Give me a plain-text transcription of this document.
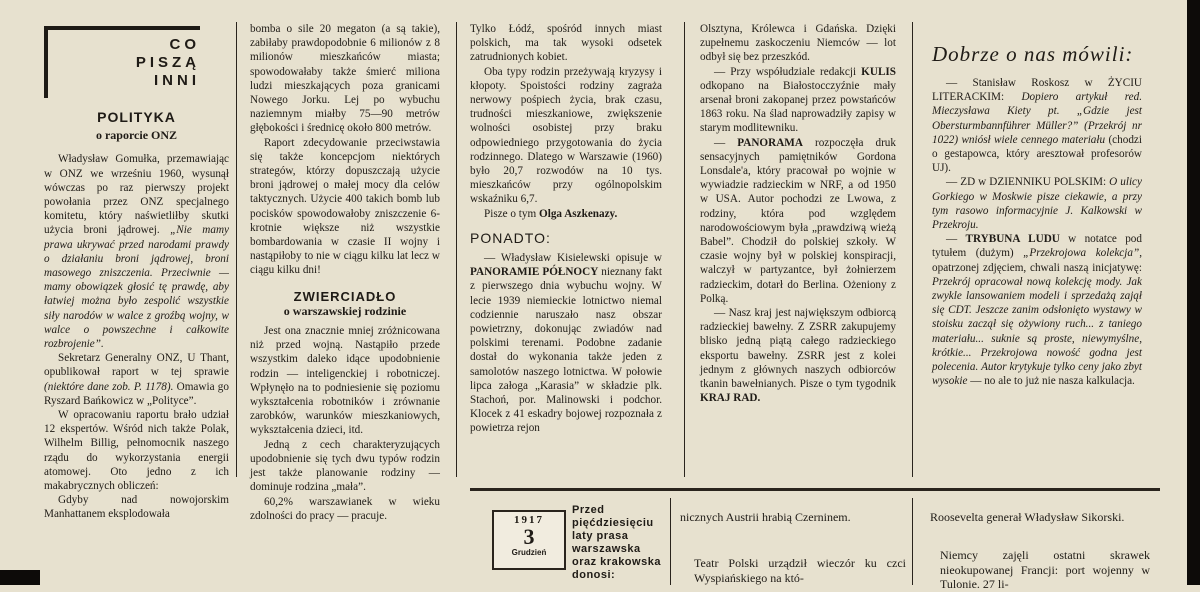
CO
PISZĄ
INNI
POLITYKA
o raporcie ONZ

Władysław Gomułka, przemawiając w ONZ we wrześniu 1960, wysunął wówczas po raz pierwszy projekt powołania przez ONZ specjalnego komitetu, który naświetliłby skutki użycia broni jądrowej. „Nie mamy prawa ukrywać przed narodami prawdy o działaniu broni jądrowej, broni masowego zniszczenia. Przeciwnie — mamy obowiązek głosić tę prawdę, aby łatwiej można było zespolić wszystkie siły narodów w walce z groźbą wojny, w walce o powszechne i całkowite rozbrojenie”.

Sekretarz Generalny ONZ, U Thant, opublikował raport w tej sprawie (niektóre dane zob. P. 1178). Omawia go Ryszard Bańkowicz w „Polityce”.

W opracowaniu raportu brało udział 12 ekspertów. Wśród nich także Polak, Wilhelm Billig, pełnomocnik naszego rządu do wykorzystania energii atomowej. Oto jedno z ich makabrycznych obliczeń:

Gdyby nad nowojorskim Manhattanem eksplodowała

bomba o sile 20 megaton (a są takie), zabiłaby prawdopodobnie 6 milionów z 8 milionów mieszkańców miasta; spowodowałaby także śmierć miliona ludzi mieszkających poza granicami Nowego Jorku. Lej po wybuchu naziemnym miałby 75—90 metrów głębokości i średnicę około 800 metrów.

Raport zdecydowanie przeciwstawia się także koncepcjom niektórych strategów, którzy dopuszczają użycie broni jądrowej o małej mocy dla celów taktycznych. Użycie 400 takich bomb lub pocisków spowodowałoby zniszczenie 6-krotnie większe niż wszystkie bombardowania w czasie II wojny i nastąpiłoby to nie w ciągu kilku lat lecz w ciągu kilku dni!

ZWIERCIADŁO
o warszawskiej rodzinie

Jest ona znacznie mniej zróżnicowana niż przed wojną. Nastąpiło przede wszystkim daleko idące upodobnienie rodzin — inteligenckiej i robotniczej. Wpłynęło na to podniesienie się poziomu wykształcenia robotników i zrównanie zarobków, warunków mieszkaniowych, wykształcenia dzieci, itd.

Jedną z cech charakteryzujących upodobnienie się tych dwu typów rodzin jest także planowanie rodziny — dominuje rodzina „mała”.

60,2% warszawianek w wieku zdolności do pracy — pracuje.

Tylko Łódź, spośród innych miast polskich, ma tak wysoki odsetek zatrudnionych kobiet.

Oba typy rodzin przeżywają kryzysy i kłopoty. Spoistości rodziny zagraża nerwowy pośpiech życia, brak czasu, trudności mieszkaniowe, zwiększenie wolności osobistej przy braku odpowiedniego przygotowania do życia rodzinnego. Dlatego w Warszawie (1960) było 20,7 rozwodów na 10 tys. mieszkańców przy ogólnopolskim wskaźniku 6,7.

Pisze o tym Olga Aszkenazy.

PONADTO:

— Władysław Kisielewski opisuje w PANORAMIE PÓŁNOCY nieznany fakt z pierwszego dnia wybuchu wojny. W lecie 1939 niemieckie lotnictwo niemal codziennie naruszało nasz obszar powietrzny, dokonując zwiadów nad polskimi terenami. Podobne zadanie dostał do wykonania także jeden z samolotów naszego lotnictwa. W połowie lipca załoga „Karasia” w składzie plk. Stachoń, por. Malinowski i podchor. Klocek z 41 eskadry bojowej rozpoznała z powietrza rejon

Olsztyna, Królewca i Gdańska. Dzięki zupełnemu zaskoczeniu Niemców — lot odbył się bez przeszkód.

— Przy współudziale redakcji KULIS odkopano na Białostocczyźnie mały arsenał broni zakopanej przez powstańców 1863 roku. Na ślad naprowadziły zapisy w starym modlitewniku.

— PANORAMA rozpoczęła druk sensacyjnych pamiętników Gordona Lonsdale'a, który pracował po wojnie w wywiadzie radzieckim w NRF, a od 1950 w USA. Autor pochodzi ze Lwowa, z rodziny, która pod względem narodowościowym była „prawdziwą wieżą Babel”. Chodził do polskiej szkoły. W czasie wojny był w polskiej konspiracji, walczył w partyzantce, był żołnierzem radzieckim, dotarł do Berlina. Ożeniony z Polką.

— Nasz kraj jest największym odbiorcą radzieckiej bawełny. Z ZSRR zakupujemy blisko jedną piątą całego radzieckiego eksportu bawełny. ZSRR jest z kolei jednym z głównych naszych odbiorców tkanin bawełnianych. Pisze o tym tygodnik KRAJ RAD.

Dobrze o nas mówili:

— Stanisław Roskosz w ŻYCIU LITERACKIM: Dopiero artykuł red. Mieczysława Kiety pt. „Gdzie jest Obersturmbannführer Müller?” (Przekrój nr 1022) wniósł wiele cennego materiału (chodzi o gestapowca, który aresztował profesorów UJ).

— ZD w DZIENNIKU POLSKIM: O ulicy Gorkiego w Moskwie pisze ciekawie, a przy tym rasowo informacyjnie J. Kalkowski w Przekroju.

— TRYBUNA LUDU w notatce pod tytułem (dużym) „Przekrojowa kolekcja”, opatrzonej zdjęciem, chwali naszą inicjatywę: Przekrój opracował nową kolekcję mody. Jak zwykle lansowaniem modeli i sprzedażą zajął się CDT. Jeszcze zanim odsłonięto wystawy w stoisku zaczął się ożywiony ruch... z taniego materiału... suknie są proste, niewymyślne, krótkie... Przekrojowa nowość godna jest polecenia. Autor krytykuje tylko ceny jako zbyt wysokie — no ale to już nie nasza kalkulacja.

1917
3
Grudzień
Przed pięćdziesięciu laty prasa warszawska oraz krakowska donosi:
nicznych Austrii hrabią Czerninem.
Teatr Polski urządził wieczór ku czci Wyspiańskiego na któ-
Roosevelta generał Władysław Sikorski.
Niemcy zajęli ostatni skrawek nieokupowanej Francji: port wojenny w Tulonie. 27 li-
